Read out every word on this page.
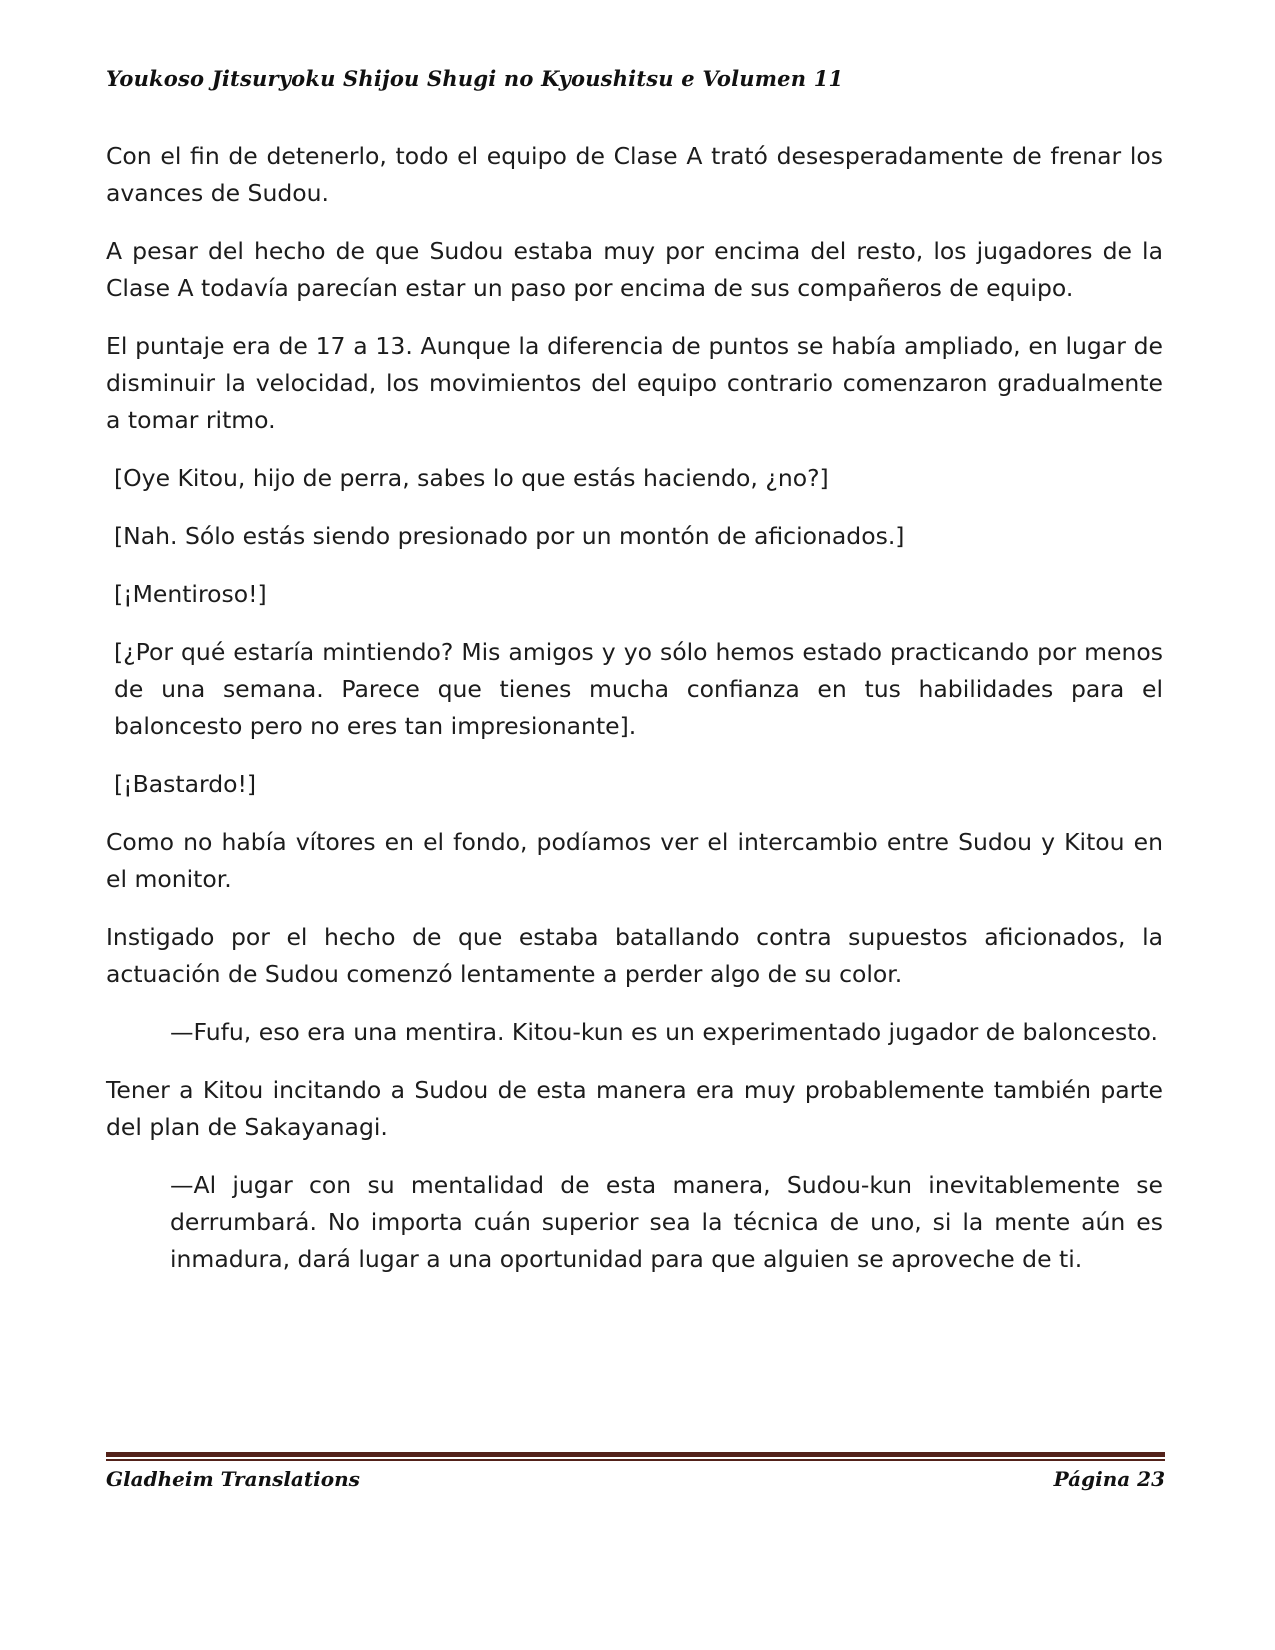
Youkoso Jitsuryoku Shijou Shugi no Kyoushitsu e Volumen 11

Con el fin de detenerlo, todo el equipo de Clase A trató desesperadamente de frenar los avances de Sudou.

A pesar del hecho de que Sudou estaba muy por encima del resto, los jugadores de la Clase A todavía parecían estar un paso por encima de sus compañeros de equipo.

El puntaje era de 17 a 13. Aunque la diferencia de puntos se había ampliado, en lugar de disminuir la velocidad, los movimientos del equipo contrario comenzaron gradualmente a tomar ritmo.

[Oye Kitou, hijo de perra, sabes lo que estás haciendo, ¿no?]

[Nah. Sólo estás siendo presionado por un montón de aficionados.]

[¡Mentiroso!]

[¿Por qué estaría mintiendo? Mis amigos y yo sólo hemos estado practicando por menos de una semana. Parece que tienes mucha confianza en tus habilidades para el baloncesto pero no eres tan impresionante].

[¡Bastardo!]

Como no había vítores en el fondo, podíamos ver el intercambio entre Sudou y Kitou en el monitor.

Instigado por el hecho de que estaba batallando contra supuestos aficionados, la actuación de Sudou comenzó lentamente a perder algo de su color.

—Fufu, eso era una mentira. Kitou-kun es un experimentado jugador de baloncesto.

Tener a Kitou incitando a Sudou de esta manera era muy probablemente también parte del plan de Sakayanagi.

—Al jugar con su mentalidad de esta manera, Sudou-kun inevitablemente se derrumbará. No importa cuán superior sea la técnica de uno, si la mente aún es inmadura, dará lugar a una oportunidad para que alguien se aproveche de ti.

Gladheim Translations	Página 23
